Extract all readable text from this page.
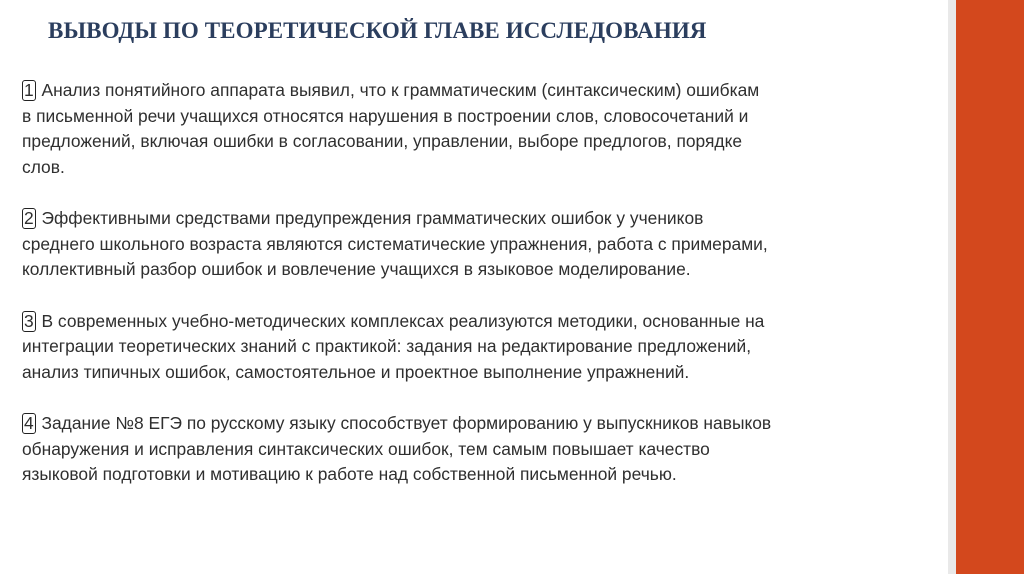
ВЫВОДЫ ПО ТЕОРЕТИЧЕСКОЙ ГЛАВЕ ИССЛЕДОВАНИЯ

1 Анализ понятийного аппарата выявил, что к грамматическим (синтаксическим) ошибкам
в письменной речи учащихся относятся нарушения в построении слов, словосочетаний и
предложений, включая ошибки в согласовании, управлении, выборе предлогов, порядке
слов.

2 Эффективными средствами предупреждения грамматических ошибок у учеников
среднего школьного возраста являются систематические упражнения, работа с примерами,
коллективный разбор ошибок и вовлечение учащихся в языковое моделирование.

3 В современных учебно-методических комплексах реализуются методики, основанные на
интеграции теоретических знаний с практикой: задания на редактирование предложений,
анализ типичных ошибок, самостоятельное и проектное выполнение упражнений.

4 Задание №8 ЕГЭ по русскому языку способствует формированию у выпускников навыков
обнаружения и исправления синтаксических ошибок, тем самым повышает качество
языковой подготовки и мотивацию к работе над собственной письменной речью.
